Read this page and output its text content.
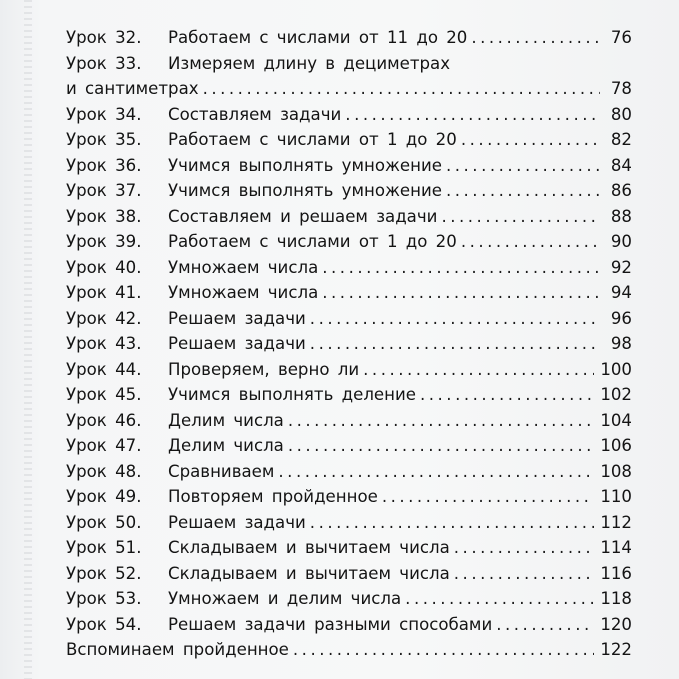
Урок 32. Работаем с числами от 11 до 20 .....	76
Урок 33. Измеряем длину в дециметрах
и сантиметрах .....	78
Урок 34. Составляем задачи .....	80
Урок 35. Работаем с числами от 1 до 20 .....	82
Урок 36. Учимся выполнять умножение .....	84
Урок 37. Учимся выполнять умножение .....	86
Урок 38. Составляем и решаем задачи .....	88
Урок 39. Работаем с числами от 1 до 20 .....	90
Урок 40. Умножаем числа .....	92
Урок 41. Умножаем числа .....	94
Урок 42. Решаем задачи .....	96
Урок 43. Решаем задачи .....	98
Урок 44. Проверяем, верно ли .....	100
Урок 45. Учимся выполнять деление .....	102
Урок 46. Делим числа .....	104
Урок 47. Делим числа .....	106
Урок 48. Сравниваем .....	108
Урок 49. Повторяем пройденное .....	110
Урок 50. Решаем задачи .....	112
Урок 51. Складываем и вычитаем числа .....	114
Урок 52. Складываем и вычитаем числа .....	116
Урок 53. Умножаем и делим числа .....	118
Урок 54. Решаем задачи разными способами .....	120
Вспоминаем пройденное .....	122
